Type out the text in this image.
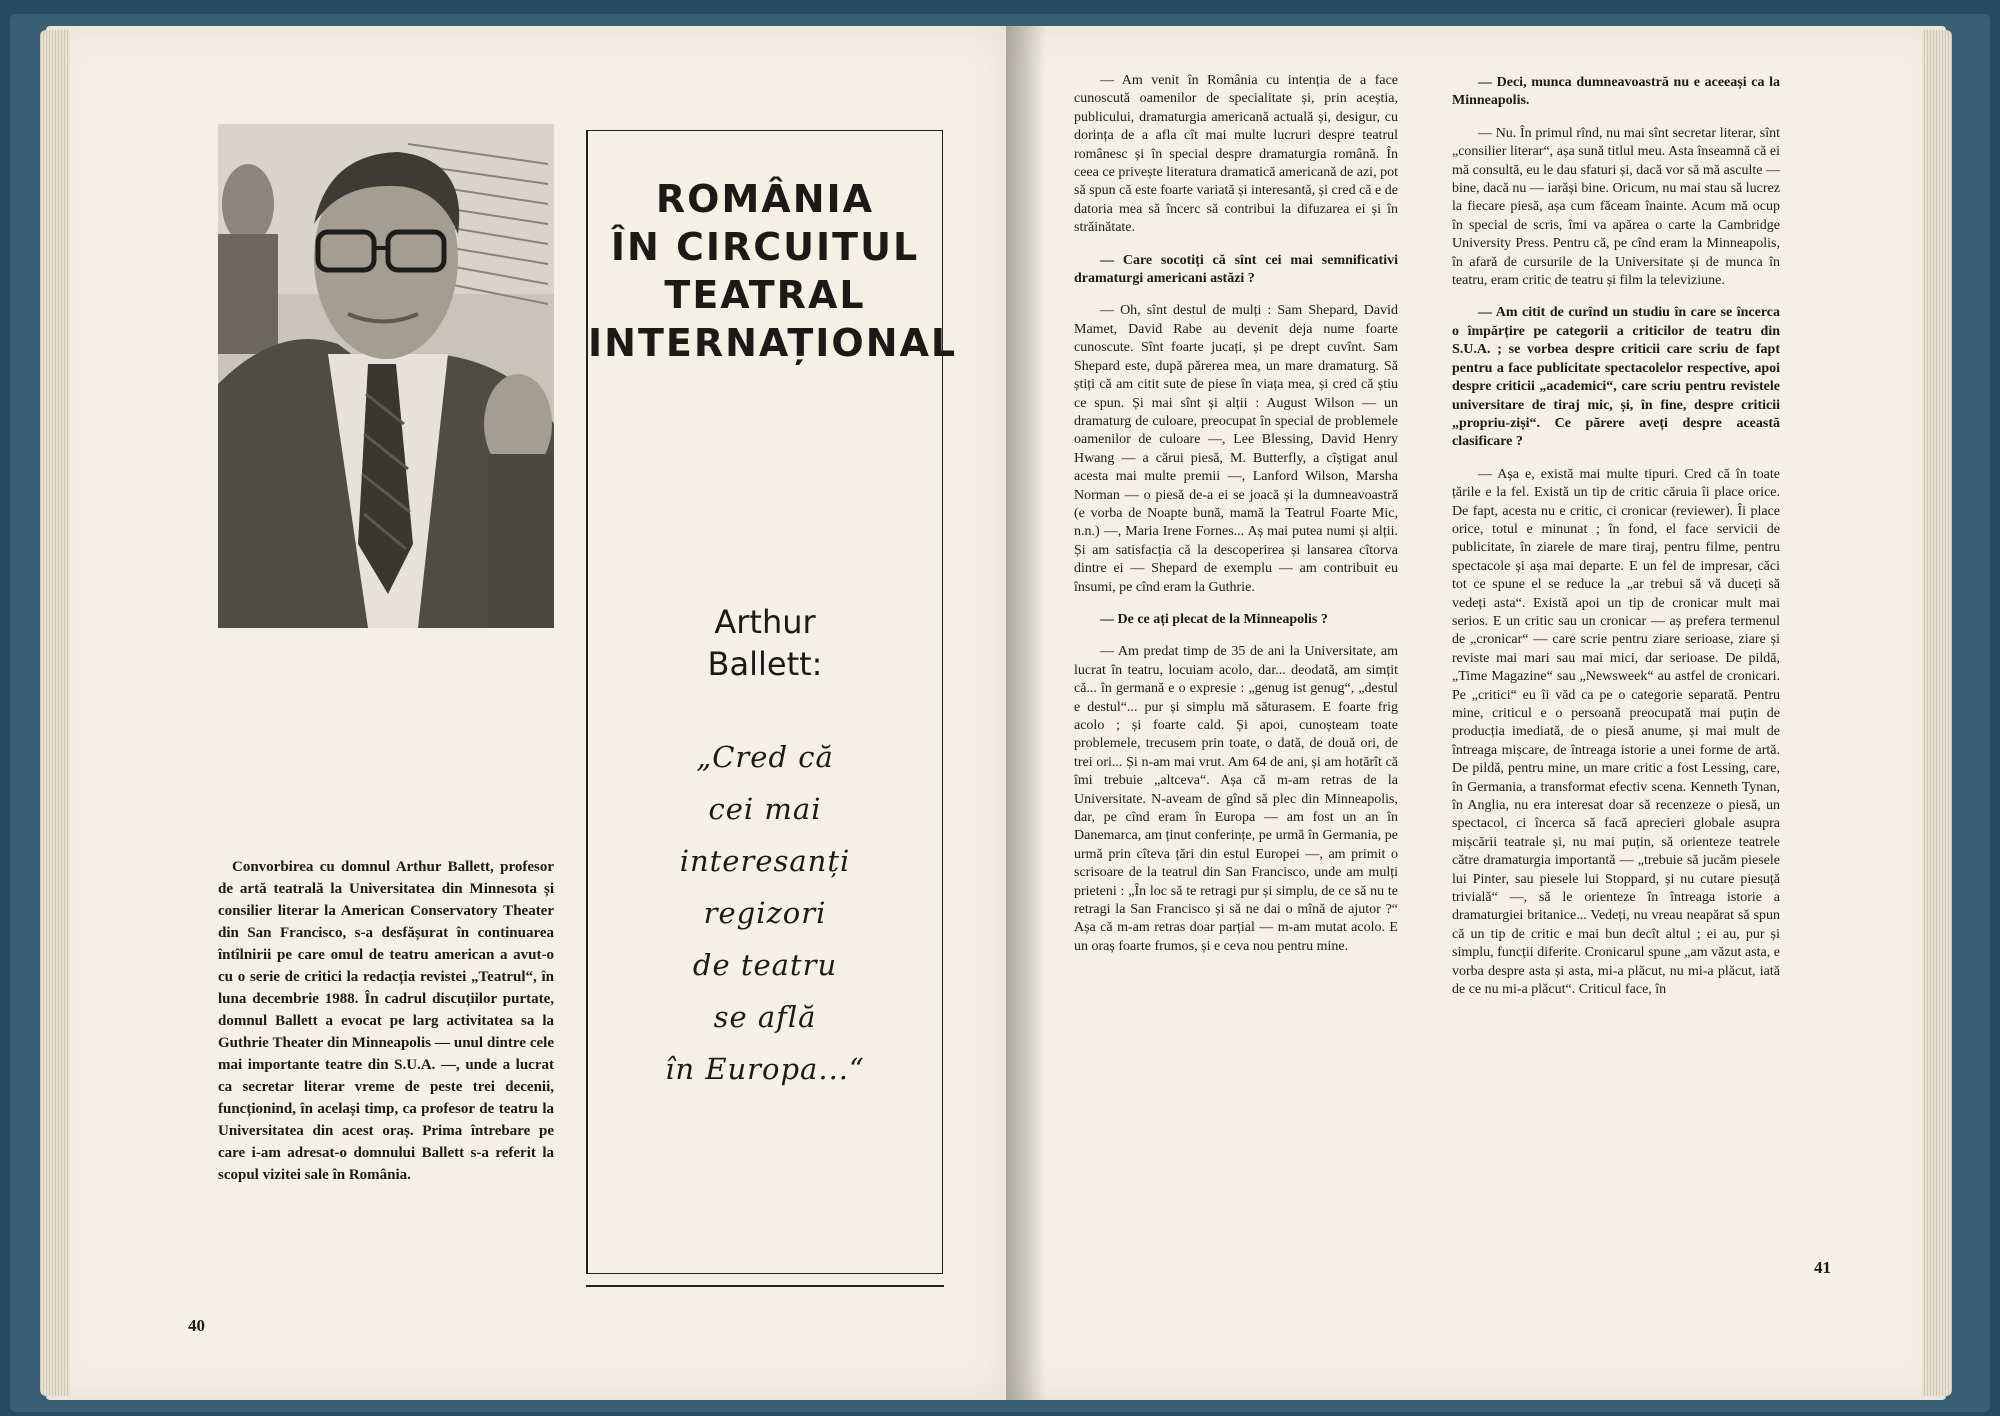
Convorbirea cu domnul Arthur Ballett, profesor de artă teatrală la Universitatea din Minnesota și consilier literar la American Conservatory Theater din San Francisco, s-a desfășurat în continuarea întîlnirii pe care omul de teatru american a avut-o cu o serie de critici la redacția revistei „Teatrul“, în luna decembrie 1988. În cadrul discuțiilor purtate, domnul Ballett a evocat pe larg activitatea sa la Guthrie Theater din Minneapolis — unul dintre cele mai importante teatre din S.U.A. —, unde a lucrat ca secretar literar vreme de peste trei decenii, funcționind, în același timp, ca profesor de teatru la Universitatea din acest oraș. Prima întrebare pe care i-am adresat-o domnului Ballett s-a referit la scopul vizitei sale în România.
ROMÂNIA
ÎN CIRCUITUL
TEATRAL
INTERNAȚIONAL
Arthur
Ballett:
„Cred că
cei mai
interesanți
regizori
de teatru
se află
în Europa...“
40

— Am venit în România cu intenția de a face cunoscută oamenilor de specialitate și, prin aceștia, publicului, dramaturgia americană actuală și, desigur, cu dorința de a afla cît mai multe lucruri despre teatrul românesc și în special despre dramaturgia română. În ceea ce privește literatura dramatică americană de azi, pot să spun că este foarte variată și interesantă, și cred că e de datoria mea să încerc să contribui la difuzarea ei și în străinătate.

— Care socotiți că sînt cei mai semnificativi dramaturgi americani astăzi ?

— Oh, sînt destul de mulți : Sam Shepard, David Mamet, David Rabe au devenit deja nume foarte cunoscute. Sînt foarte jucați, și pe drept cuvînt. Sam Shepard este, după părerea mea, un mare dramaturg. Să știți că am citit sute de piese în viața mea, și cred că știu ce spun. Și mai sînt și alții : August Wilson — un dramaturg de culoare, preocupat în special de problemele oamenilor de culoare —, Lee Blessing, David Henry Hwang — a cărui piesă, M. Butterfly, a cîștigat anul acesta mai multe premii —, Lanford Wilson, Marsha Norman — o piesă de-a ei se joacă și la dumneavoastră (e vorba de Noapte bună, mamă la Teatrul Foarte Mic, n.n.) —, Maria Irene Fornes... Aș mai putea numi și alții. Și am satisfacția că la descoperirea și lansarea cîtorva dintre ei — Shepard de exemplu — am contribuit eu însumi, pe cînd eram la Guthrie.

— De ce ați plecat de la Minneapolis ?

— Am predat timp de 35 de ani la Universitate, am lucrat în teatru, locuiam acolo, dar... deodată, am simțit că... în germană e o expresie : „genug ist genug“, „destul e destul“... pur și simplu mă săturasem. E foarte frig acolo ; și foarte cald. Și apoi, cunoșteam toate problemele, trecusem prin toate, o dată, de două ori, de trei ori... Și n-am mai vrut. Am 64 de ani, și am hotărît că îmi trebuie „altceva“. Așa că m-am retras de la Universitate. N-aveam de gînd să plec din Minneapolis, dar, pe cînd eram în Europa — am fost un an în Danemarca, am ținut conferințe, pe urmă în Germania, pe urmă prin cîteva țări din estul Europei —, am primit o scrisoare de la teatrul din San Francisco, unde am mulți prieteni : „În loc să te retragi pur și simplu, de ce să nu te retragi la San Francisco și să ne dai o mînă de ajutor ?“ Așa că m-am retras doar parțial — m-am mutat acolo. E un oraș foarte frumos, și e ceva nou pentru mine.

— Deci, munca dumneavoastră nu e aceeași ca la Minneapolis.

— Nu. În primul rînd, nu mai sînt secretar literar, sînt „consilier literar“, așa sună titlul meu. Asta înseamnă că ei mă consultă, eu le dau sfaturi și, dacă vor să mă asculte — bine, dacă nu — iarăși bine. Oricum, nu mai stau să lucrez la fiecare piesă, așa cum făceam înainte. Acum mă ocup în special de scris, îmi va apărea o carte la Cambridge University Press. Pentru că, pe cînd eram la Minneapolis, în afară de cursurile de la Universitate și de munca în teatru, eram critic de teatru și film la televiziune.

— Am citit de curînd un studiu în care se încerca o împărțire pe categorii a criticilor de teatru din S.U.A. ; se vorbea despre criticii care scriu de fapt pentru a face publicitate spectacolelor respective, apoi despre criticii „academici“, care scriu pentru revistele universitare de tiraj mic, și, în fine, despre criticii „propriu-ziși“. Ce părere aveți despre această clasificare ?

— Așa e, există mai multe tipuri. Cred că în toate țările e la fel. Există un tip de critic căruia îi place orice. De fapt, acesta nu e critic, ci cronicar (reviewer). Îi place orice, totul e minunat ; în fond, el face servicii de publicitate, în ziarele de mare tiraj, pentru filme, pentru spectacole și așa mai departe. E un fel de impresar, căci tot ce spune el se reduce la „ar trebui să vă duceți să vedeți asta“. Există apoi un tip de cronicar mult mai serios. E un critic sau un cronicar — aș prefera termenul de „cronicar“ — care scrie pentru ziare serioase, ziare și reviste mai mari sau mai mici, dar serioase. De pildă, „Time Magazine“ sau „Newsweek“ au astfel de cronicari. Pe „critici“ eu îi văd ca pe o categorie separată. Pentru mine, criticul e o persoană preocupată mai puțin de producția imediată, de o piesă anume, și mai mult de întreaga mișcare, de întreaga istorie a unei forme de artă. De pildă, pentru mine, un mare critic a fost Lessing, care, în Germania, a transformat efectiv scena. Kenneth Tynan, în Anglia, nu era interesat doar să recenzeze o piesă, un spectacol, ci încerca să facă aprecieri globale asupra mișcării teatrale și, nu mai puțin, să orienteze teatrele către dramaturgia importantă — „trebuie să jucăm piesele lui Pinter, sau piesele lui Stoppard, și nu cutare piesuță trivială“ —, să le orienteze în întreaga istorie a dramaturgiei britanice... Vedeți, nu vreau neapărat să spun că un tip de critic e mai bun decît altul ; ei au, pur și simplu, funcții diferite. Cronicarul spune „am văzut asta, e vorba despre asta și asta, mi-a plăcut, nu mi-a plăcut, iată de ce nu mi-a plăcut“. Criticul face, în

41
